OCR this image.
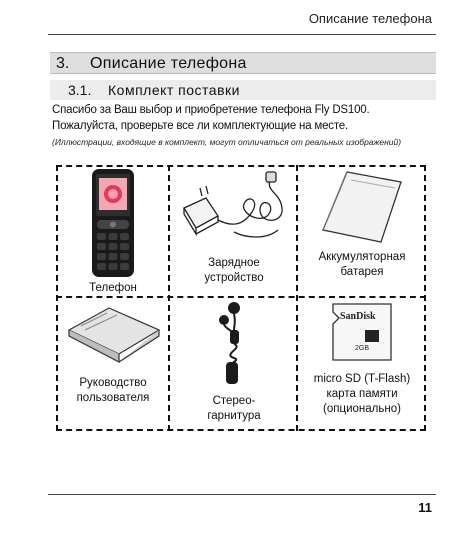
Описание телефона
3. Описание телефона
3.1. Комплект поставки

Спасибо за Ваш выбор и приобретение телефона Fly DS100. Пожалуйста, проверьте все ли комплектующие на месте.

(Иллюстрации, входящие в комплект, могут отличаться от реальных изображений)

Телефон
Зарядное устройство
Аккумуляторная батарея
Руководство пользователя	Стерео-гарнитура
2GB
SanDisk
micro SD (T-Flash) карта памяти (опционально)
11
